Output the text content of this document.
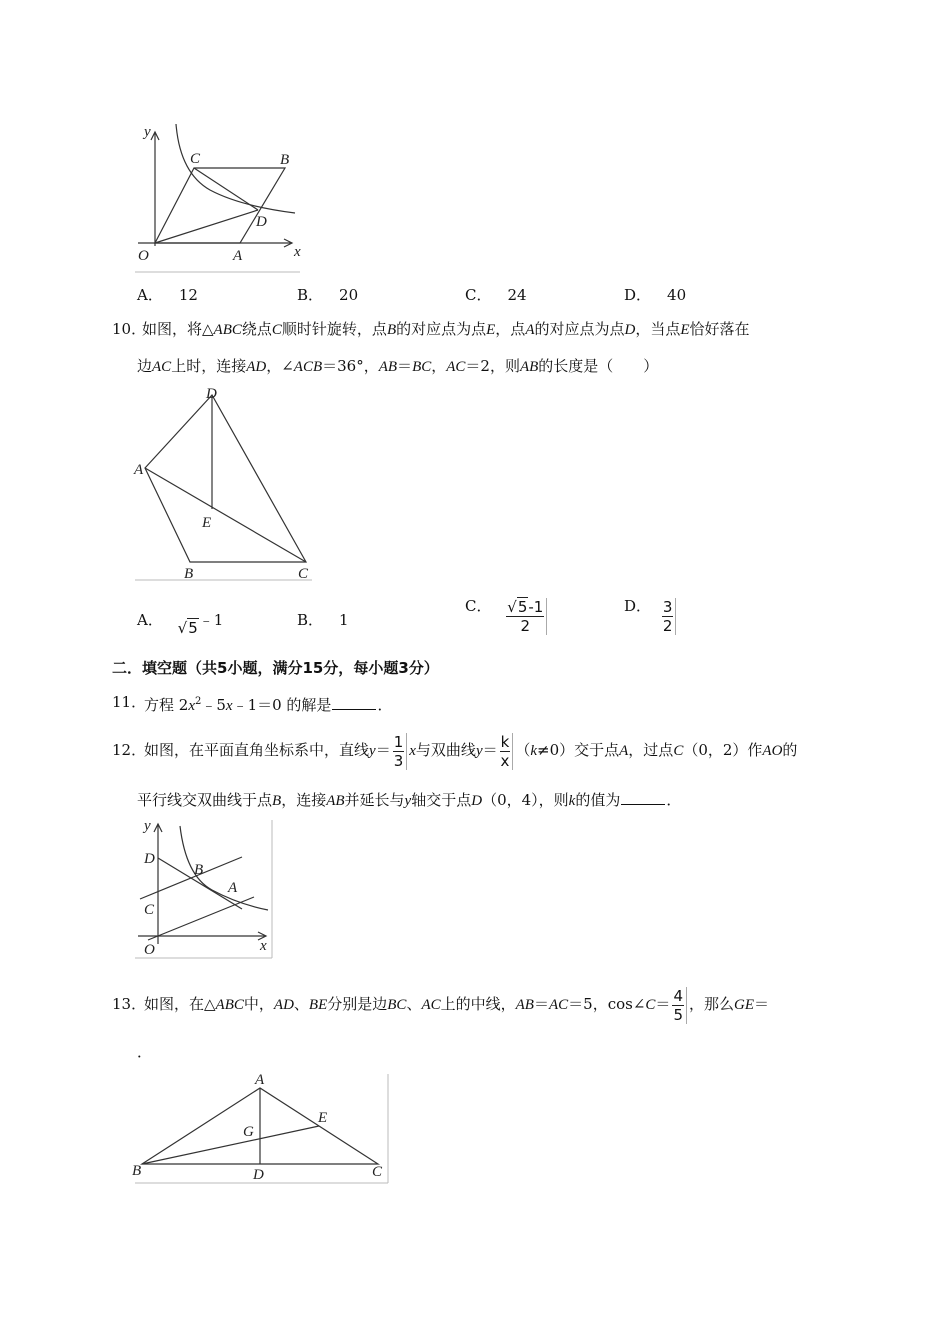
y
x
O	A
B
C
D
A． 12	B． 20	C． 24	D． 40
10．
如图，将△ABC绕点C顺时针旋转，点B的对应点为点E，点A的对应点为点D，当点E恰好落在
边AC上时，连接AD，∠ACB＝36°，AB＝BC，AC＝2，则AB的长度是（　　）
D
A
E
B	C
A． √5﹣1	B． 1
C． $\frac{√5-1}{2}$	D． $\frac{3}{2}$
二．填空题（共5小题，满分15分，每小题3分）
11．
方程 $2x^2﹣5x﹣1=0$ 的解是	．
12．
如图，在平面直角坐标系中，直线$y= \frac{1}{3}$ x与双曲线$y= \frac{k}{x} (k\ne 0)$交于点A，过点C（0，2）作AO的
平行线交双曲线于点B，连接AB并延长与y轴交于点D（0，4），则k的值为	．
y
x
O
D
C
B
A
13．
如图，在△ABC中，AD、BE分别是边BC、AC上的中线，AB＝AC＝5，cos∠C＝ $\frac{4}{5}$ ，那么GE＝
．
A
B	C
D
E
G
